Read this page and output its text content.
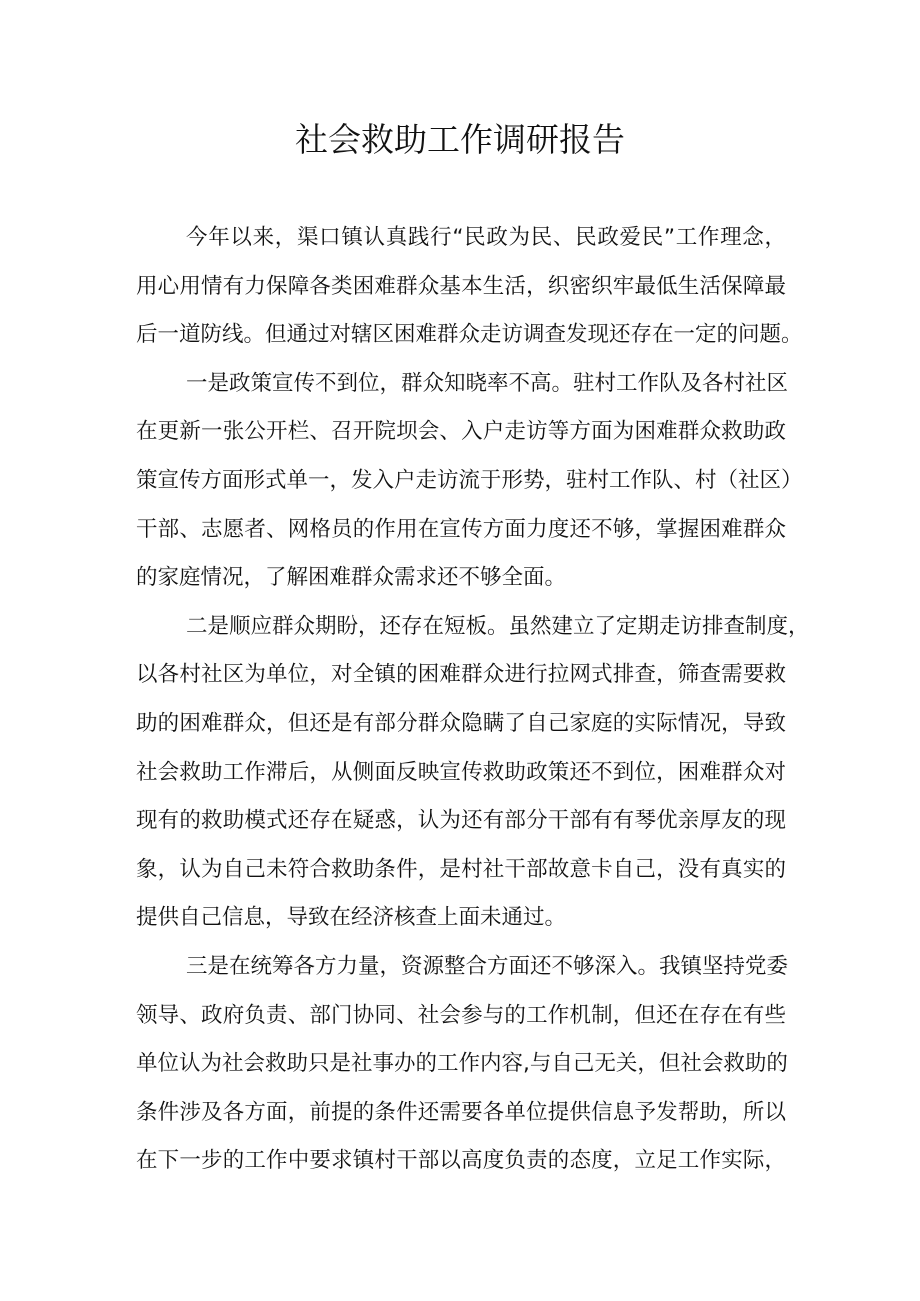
社会救助工作调研报告
今年以来，渠口镇认真践行“民政为民、民政爱民”工作理念，
用心用情有力保障各类困难群众基本生活，织密织牢最低生活保障最
后一道防线。但通过对辖区困难群众走访调查发现还存在一定的问题。
一是政策宣传不到位，群众知晓率不高。驻村工作队及各村社区
在更新一张公开栏、召开院坝会、入户走访等方面为困难群众救助政
策宣传方面形式单一，发入户走访流于形势，驻村工作队、村（社区）
干部、志愿者、网格员的作用在宣传方面力度还不够，掌握困难群众
的家庭情况，了解困难群众需求还不够全面。
二是顺应群众期盼，还存在短板。虽然建立了定期走访排查制度，
以各村社区为单位，对全镇的困难群众进行拉网式排查，筛查需要救
助的困难群众，但还是有部分群众隐瞒了自己家庭的实际情况，导致
社会救助工作滞后，从侧面反映宣传救助政策还不到位，困难群众对
现有的救助模式还存在疑惑，认为还有部分干部有有琴优亲厚友的现
象，认为自己未符合救助条件，是村社干部故意卡自己，没有真实的
提供自己信息，导致在经济核查上面未通过。
三是在统筹各方力量，资源整合方面还不够深入。我镇坚持党委
领导、政府负责、部门协同、社会参与的工作机制，但还在存在有些
单位认为社会救助只是社事办的工作内容,与自己无关，但社会救助的
条件涉及各方面，前提的条件还需要各单位提供信息予发帮助，所以
在下一步的工作中要求镇村干部以高度负责的态度，立足工作实际，
